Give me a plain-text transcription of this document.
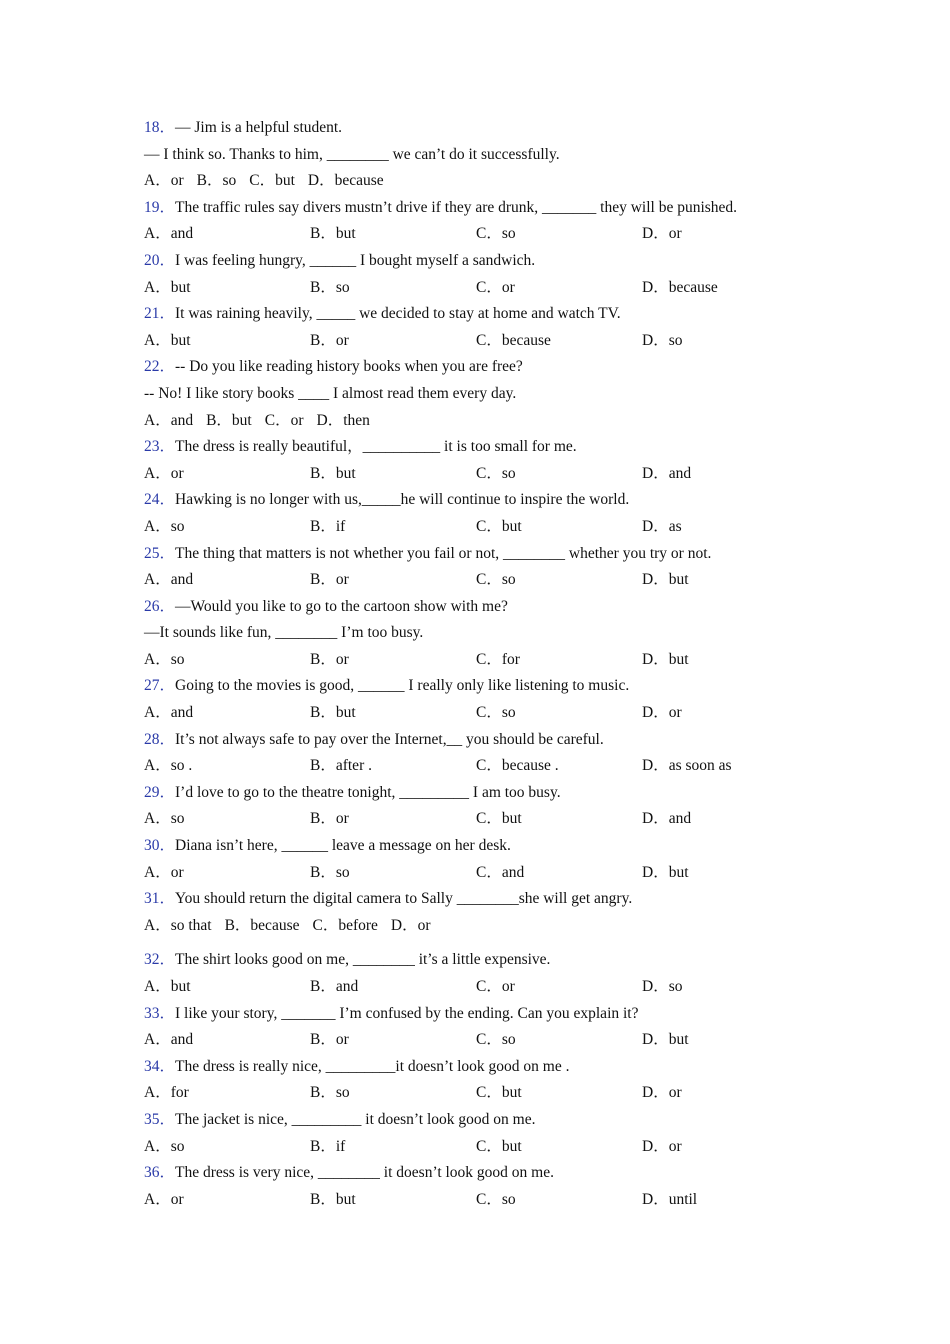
18．— Jim is a helpful student.
— I think so. Thanks to him, ________ we can’t do it successfully.
A．or B．so C．but D．because
19．The traffic rules say divers mustn’t drive if they are drunk, _______ they will be punished.
A．and	B．but	C．so	D．or
20．I was feeling hungry, ______ I bought myself a sandwich.
A．but	B．so	C．or	D．because
21．It was raining heavily, _____ we decided to stay at home and watch TV.
A．but	B．or	C．because	D．so
22．-- Do you like reading history books when you are free?
-- No! I like story books ____ I almost read them every day.
A．and B．but C．or D．then
23．The dress is really beautiful，__________ it is too small for me.
A．or	B．but	C．so	D．and
24．Hawking is no longer with us,_____he will continue to inspire the world.
A．so	B．if	C．but	D．as
25．The thing that matters is not whether you fail or not, ________ whether you try or not.
A．and	B．or	C．so	D．but
26．—Would you like to go to the cartoon show with me?
—It sounds like fun, ________ I’m too busy.
A．so	B．or	C．for	D．but
27．Going to the movies is good, ______ I really only like listening to music.
A．and	B．but	C．so	D．or
28．It’s not always safe to pay over the Internet,__ you should be careful.
A．so .	B．after .	C．because .	D．as soon as
29．I’d love to go to the theatre tonight, _________ I am too busy.
A．so	B．or	C．but	D．and
30．Diana isn’t here, ______ leave a message on her desk.
A．or	B．so	C．and	D．but
31．You should return the digital camera to Sally ________she will get angry.
A．so that B．because C．before D．or
32．The shirt looks good on me, ________ it’s a little expensive.
A．but	B．and	C．or	D．so
33．I like your story, _______ I’m confused by the ending. Can you explain it?
A．and	B．or	C．so	D．but
34．The dress is really nice, _________it doesn’t look good on me .
A．for	B．so	C．but	D．or
35．The jacket is nice, _________ it doesn’t look good on me.
A．so	B．if	C．but	D．or
36．The dress is very nice, ________ it doesn’t look good on me.
A．or	B．but	C．so	D．until
